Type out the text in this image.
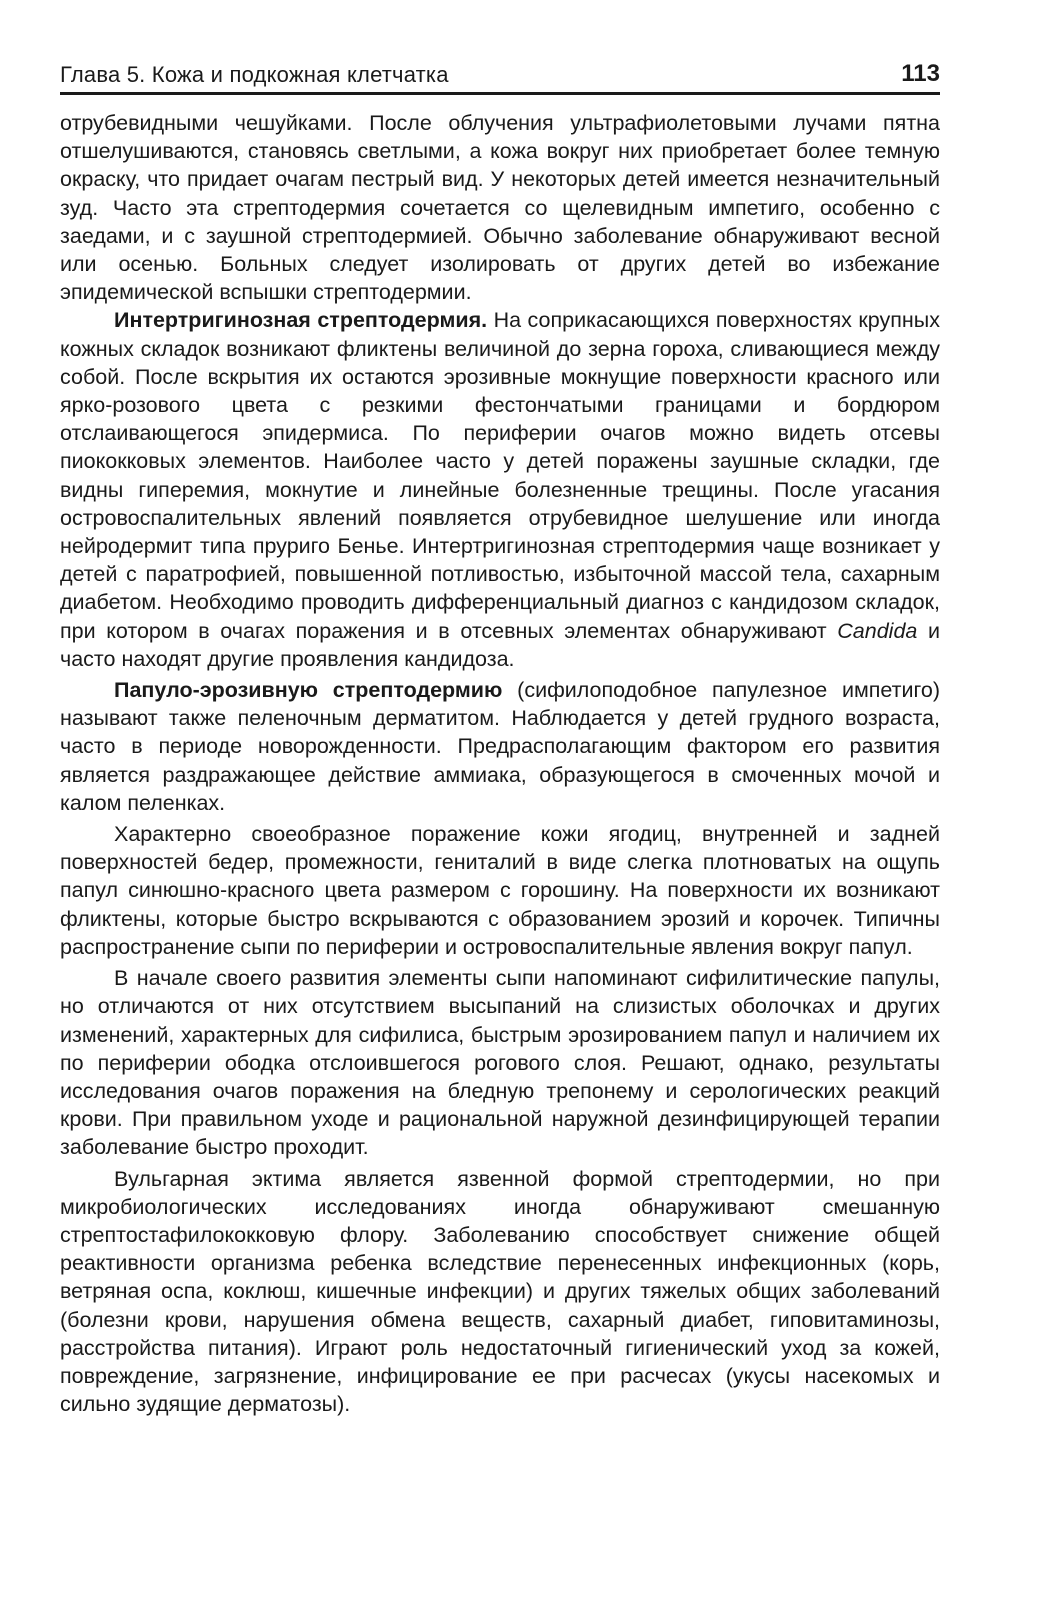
Глава 5. Кожа и подкожная клетчатка	113

отрубевидными чешуйками. После облучения ультрафиолетовыми лучами пятна отшелушиваются, становясь светлыми, а кожа вокруг них приобретает более темную окраску, что придает очагам пестрый вид. У некоторых детей имеется незначительный зуд. Часто эта стрептодермия сочетается со щелевидным импетиго, особенно с заедами, и с заушной стрептодермией. Обычно заболевание обнаруживают весной или осенью. Больных следует изолировать от других детей во избежание эпидемической вспышки стрептодермии.

Интертригинозная стрептодермия. На соприкасающихся поверхностях крупных кожных складок возникают фликтены величиной до зерна гороха, сливающиеся между собой. После вскрытия их остаются эрозивные мокнущие поверхности красного или ярко-розового цвета с резкими фестончатыми границами и бордюром отслаивающегося эпидермиса. По периферии очагов можно видеть отсевы пиококковых элементов. Наиболее часто у детей поражены заушные складки, где видны гиперемия, мокнутие и линейные болезненные трещины. После угасания островоспалительных явлений появляется отрубевидное шелушение или иногда нейродермит типа пруриго Бенье. Интертригинозная стрептодермия чаще возникает у детей с паратрофией, повышенной потливостью, избыточной массой тела, сахарным диабетом. Необходимо проводить дифференциальный диагноз с кандидозом складок, при котором в очагах поражения и в отсевных элементах обнаруживают Candida и часто находят другие проявления кандидоза.

Папуло-эрозивную стрептодермию (сифилоподобное папулезное импетиго) называют также пеленочным дерматитом. Наблюдается у детей грудного возраста, часто в периоде новорожденности. Предрасполагающим фактором его развития является раздражающее действие аммиака, образующегося в смоченных мочой и калом пеленках.

Характерно своеобразное поражение кожи ягодиц, внутренней и задней поверхностей бедер, промежности, гениталий в виде слегка плотноватых на ощупь папул синюшно-красного цвета размером с горошину. На поверхности их возникают фликтены, которые быстро вскрываются с образованием эрозий и корочек. Типичны распространение сыпи по периферии и островоспалительные явления вокруг папул.

В начале своего развития элементы сыпи напоминают сифилитические папулы, но отличаются от них отсутствием высыпаний на слизистых оболочках и других изменений, характерных для сифилиса, быстрым эрозированием папул и наличием их по периферии ободка отслоившегося рогового слоя. Решают, однако, результаты исследования очагов поражения на бледную трепонему и серологических реакций крови. При правильном уходе и рациональной наружной дезинфицирующей терапии заболевание быстро проходит.

Вульгарная эктима является язвенной формой стрептодермии, но при микробиологических исследованиях иногда обнаруживают смешанную стрептостафилококковую флору. Заболеванию способствует снижение общей реактивности организма ребенка вследствие перенесенных инфекционных (корь, ветряная оспа, коклюш, кишечные инфекции) и других тяжелых общих заболеваний (болезни крови, нарушения обмена веществ, сахарный диабет, гиповитаминозы, расстройства питания). Играют роль недостаточный гигиенический уход за кожей, повреждение, загрязнение, инфицирование ее при расчесах (укусы насекомых и сильно зудящие дерматозы).
